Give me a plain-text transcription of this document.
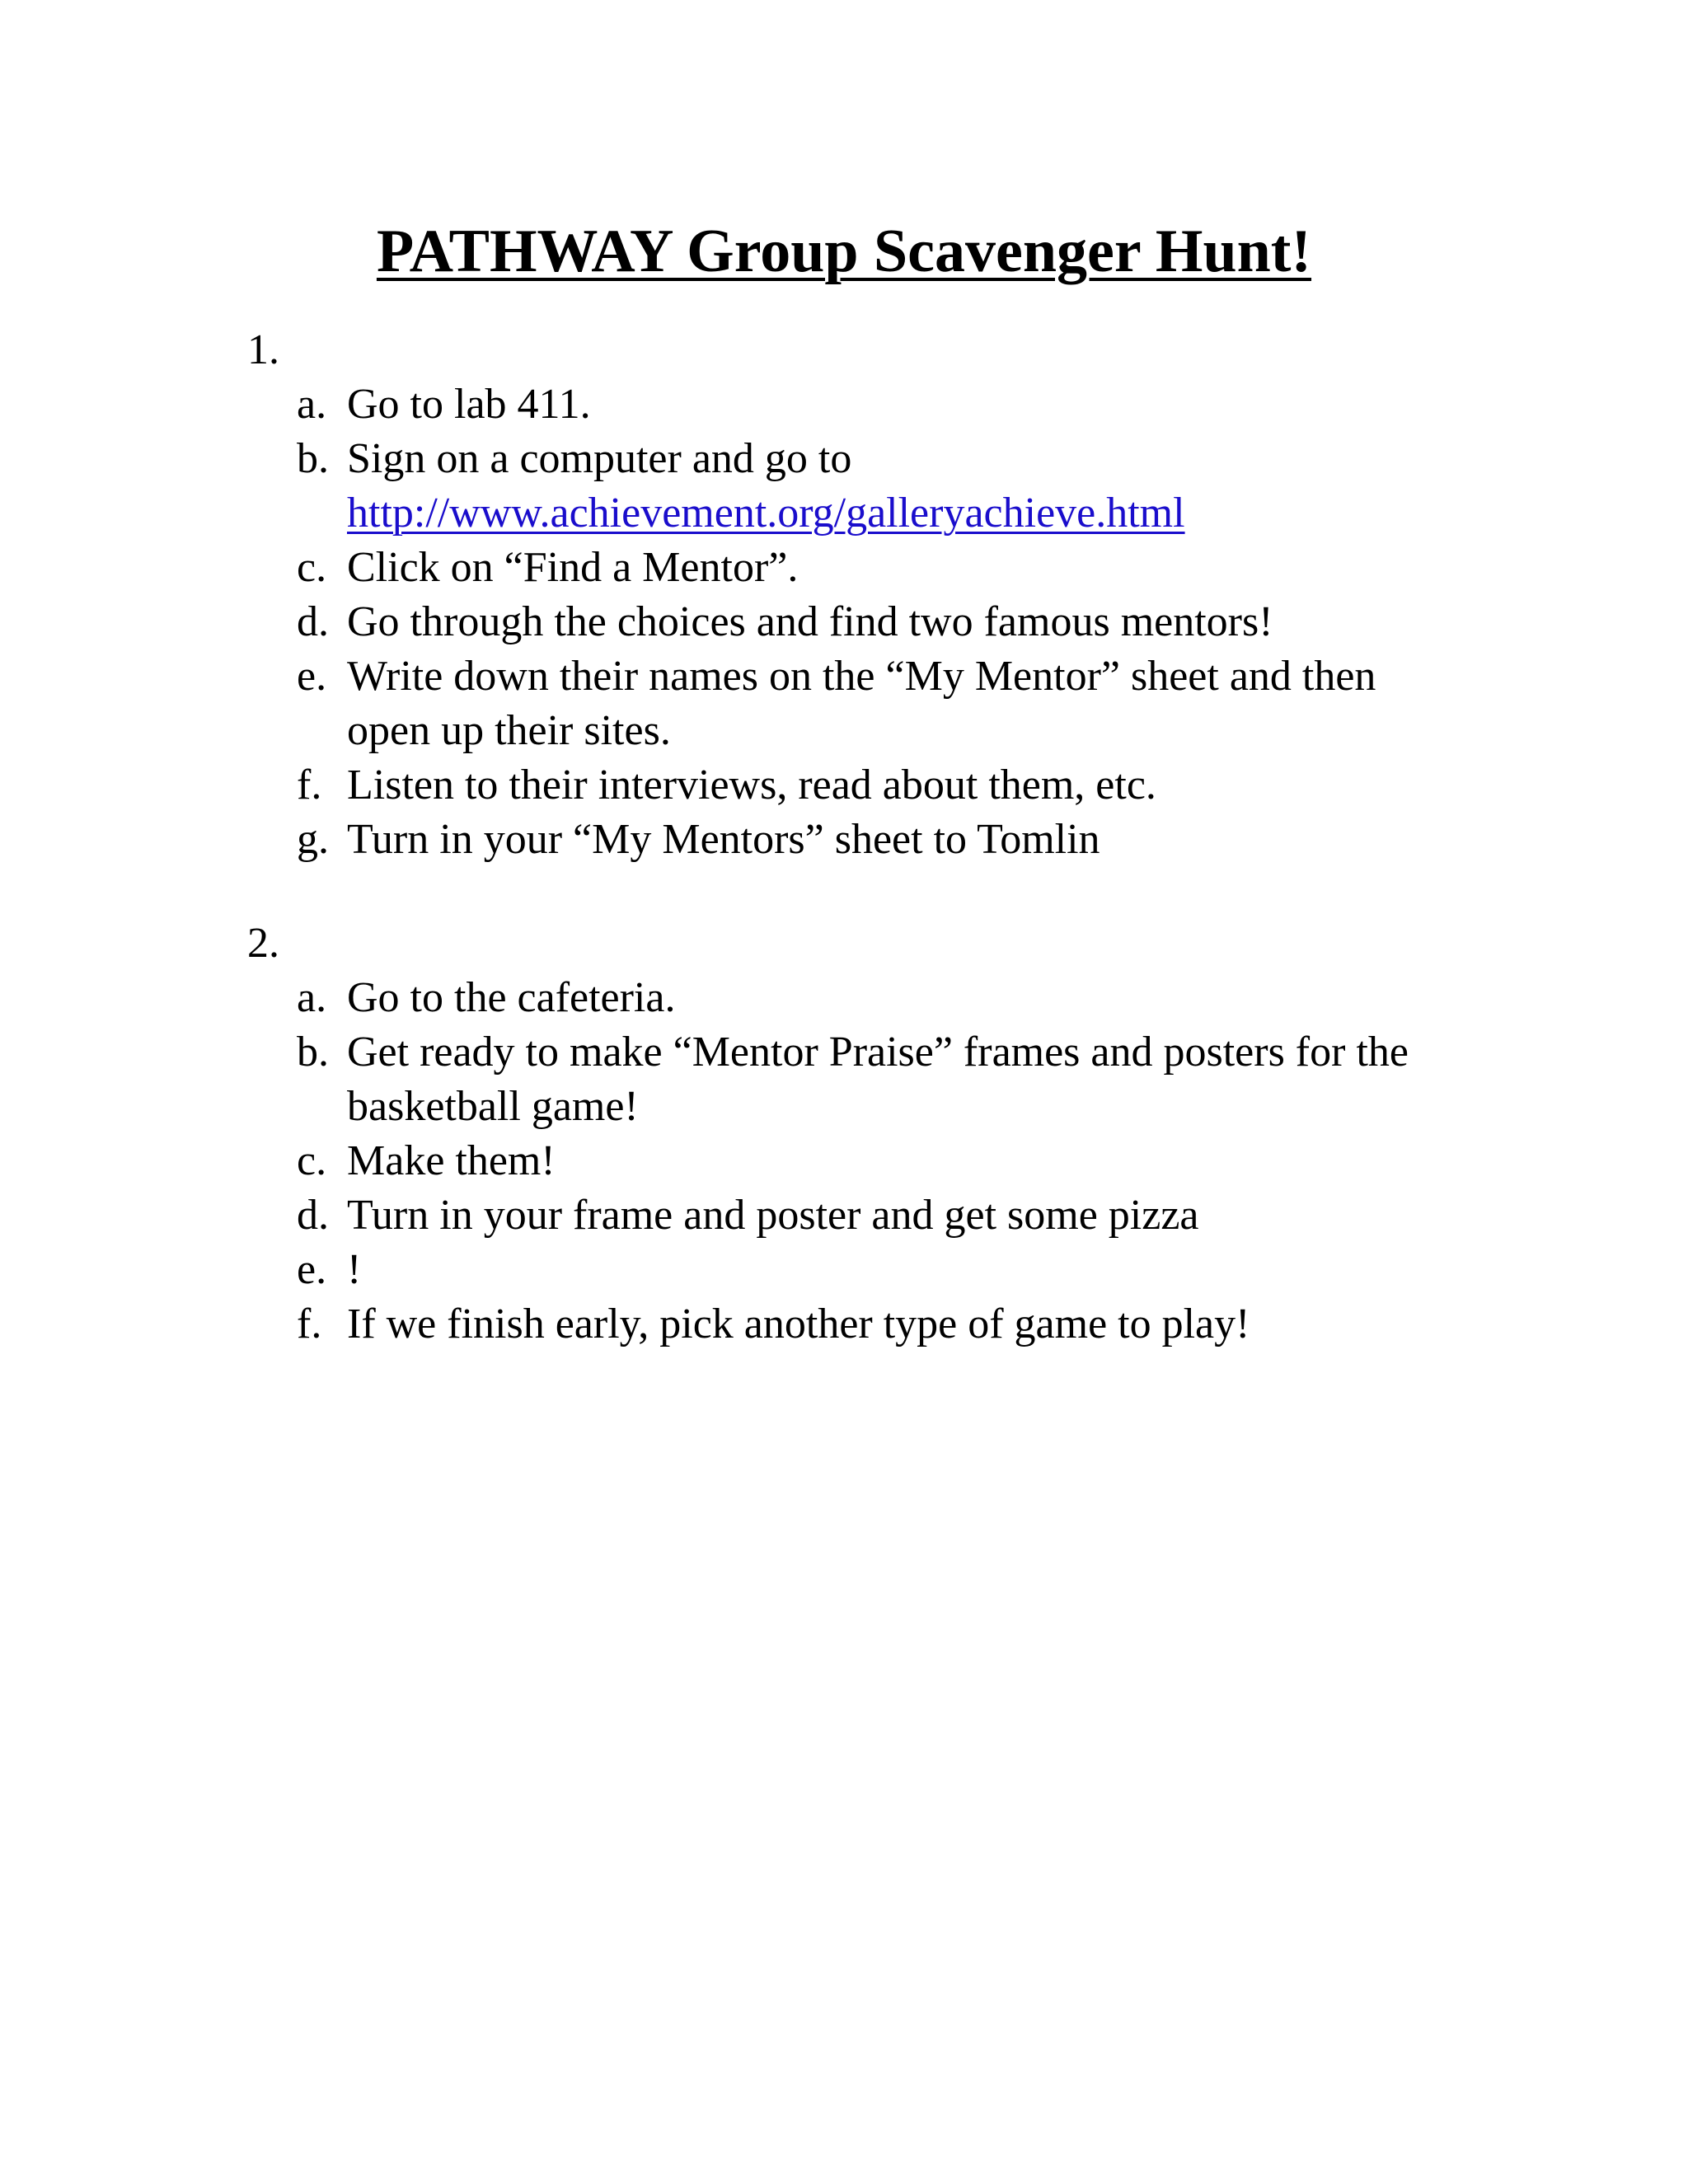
PATHWAY Group Scavenger Hunt!
1.
a. Go to lab 411.
b. Sign on a computer and go to
http://www.achievement.org/galleryachieve.html
c. Click on “Find a Mentor”.
d. Go through the choices and find two famous mentors!
e. Write down their names on the “My Mentor” sheet and then open up their sites.
f. Listen to their interviews, read about them, etc.
g. Turn in your “My Mentors” sheet to Tomlin
2.
a. Go to the cafeteria.
b. Get ready to make “Mentor Praise” frames and posters for the basketball game!
c. Make them!
d. Turn in your frame and poster and get some pizza
e. !
f. If we finish early, pick another type of game to play!
